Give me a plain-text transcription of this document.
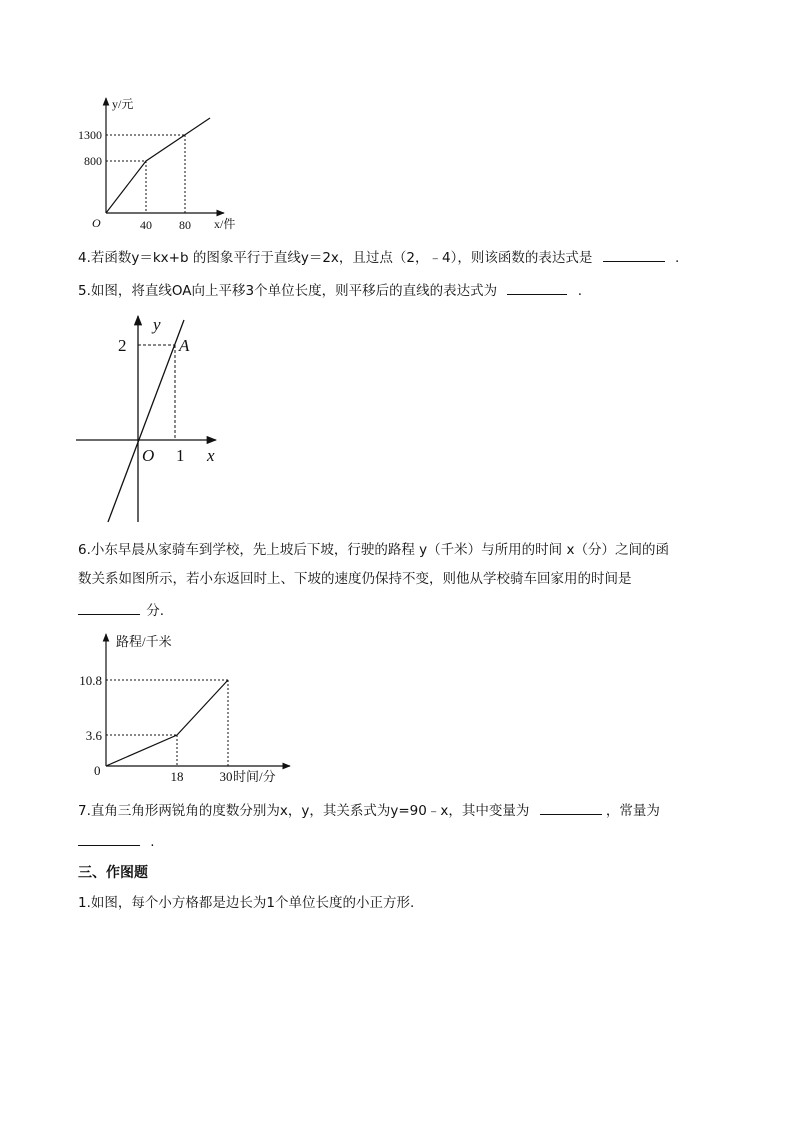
y/元
x/件
O
1300
800
40 80
4.若函数y＝kx+b 的图象平行于直线y＝2x，且过点（2，﹣4），则该函数的表达式是	.
5.如图，将直线OA向上平移3个单位长度，则平移后的直线的表达式为	.
y
x
O
2
1
A
6.小东早晨从家骑车到学校，先上坡后下坡，行驶的路程 y（千米）与所用的时间 x（分）之间的函
数关系如图所示，若小东返回时上、下坡的速度仍保持不变，则他从学校骑车回家用的时间是
分.
路程/千米
时间/分
0
10.8
3.6
18	30
7.直角三角形两锐角的度数分别为x，y，其关系式为y=90﹣x，其中变量为	，常量为
.
三、作图题
1.如图，每个小方格都是边长为1个单位长度的小正方形.
